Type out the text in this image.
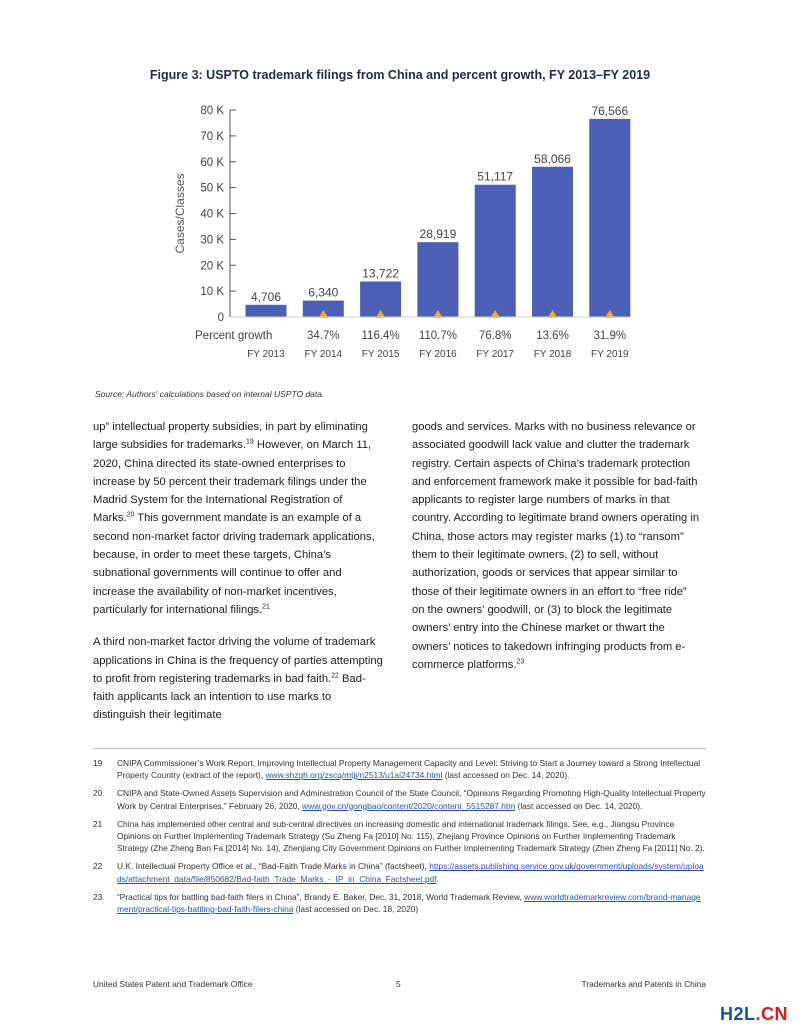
Figure 3: USPTO trademark filings from China and percent growth, FY 2013–FY 2019
Cases/Classes
0
10 K
20 K
30 K
40 K
50 K
60 K
70 K
80 K
4,706
FY 2013
6,340
FY 2014
34.7%
13,722
FY 2015
116.4%
28,919
FY 2016
110.7%
51,117
FY 2017
76.8%
58,066
FY 2018
13.6%
76,566
FY 2019
31.9%
Percent growth
Source: Authors' calculations based on internal USPTO data.

up” intellectual property subsidies, in part by eliminating large subsidies for trademarks.$^{19}$ However, on March 11, 2020, China directed its state-owned enterprises to increase by 50 percent their trademark filings under the Madrid System for the International Registration of Marks.$^{20}$ This government mandate is an example of a second non-market factor driving trademark applications, because, in order to meet these targets, China’s subnational governments will continue to offer and increase the availability of non-market incentives, particularly for international filings.$^{21}$

A third non-market factor driving the volume of trademark applications in China is the frequency of parties attempting to profit from registering trademarks in bad faith.$^{22}$ Bad-faith applicants lack an intention to use marks to distinguish their legitimate

goods and services. Marks with no business relevance or associated goodwill lack value and clutter the trademark registry. Certain aspects of China’s trademark protection and enforcement framework make it possible for bad-faith applicants to register large numbers of marks in that country. According to legitimate brand owners operating in China, those actors may register marks (1) to “ransom” them to their legitimate owners, (2) to sell, without authorization, goods or services that appear similar to those of their legitimate owners in an effort to “free ride” on the owners’ goodwill, or (3) to block the legitimate owners’ entry into the Chinese market or thwart the owners’ notices to takedown infringing products from e-commerce platforms.$^{23}$

19	CNIPA Commissioner’s Work Report, Improving Intellectual Property Management Capacity and Level: Striving to Start a Journey toward a Strong Intellectual Property Country (extract of the report), www.shzgh.org/zscq/mtjj/n2513/u1ai24734.html (last accessed on Dec. 14, 2020).
20	CNIPA and State-Owned Assets Supervision and Administration Council of the State Council, “Opinions Regarding Promoting High-Quality Intellectual Property Work by Central Enterprises,” February 26, 2020, www.gov.cn/gongbao/content/2020/content_5515287.htm (last accessed on Dec. 14, 2020).
21	China has implemented other central and sub-central directives on increasing domestic and international trademark filings. See, e.g., Jiangsu Province Opinions on Further Implementing Trademark Strategy (Su Zheng Fa [2010] No. 115), Zhejiang Province Opinions on Further Implementing Trademark Strategy (Zhe Zheng Ban Fa [2014] No. 14), Zhenjiang City Government Opinions on Further Implementing Trademark Strategy (Zhen Zheng Fa [2011] No. 2).
22	U.K. Intellectual Property Office et al., “Bad-Faith Trade Marks in China” (factsheet), https://assets.publishing.service.gov.uk/government/uploads/system/uploads/attachment_data/file/850682/Bad-faith_Trade_Marks_-_IP_in_China_Factsheet.pdf.
23	“Practical tips for battling bad-faith filers in China”, Brandy E. Baker, Dec. 31, 2018, World Trademark Review, www.worldtrademarkreview.com/brand-management/practical-tips-battling-bad-faith-filers-china (last accessed on Dec. 18, 2020)
United States Patent and Trademark Office	5	Trademarks and Patents in China
H2L.CN
